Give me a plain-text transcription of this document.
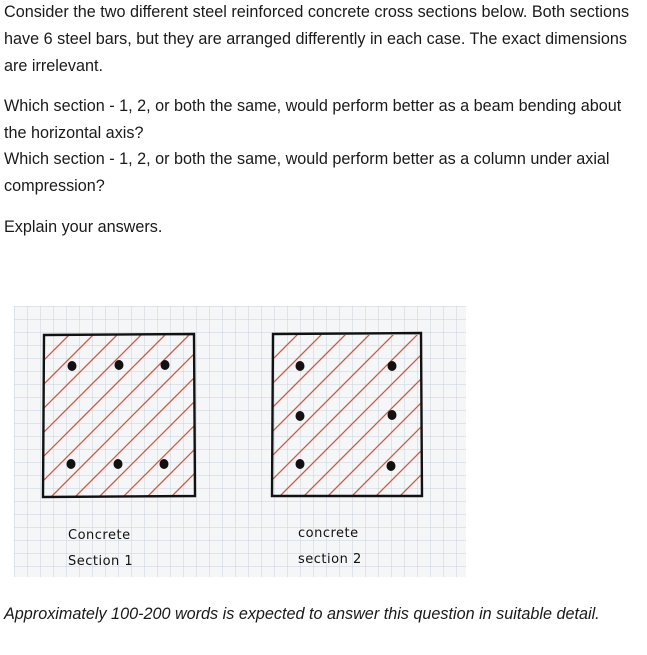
Consider the two different steel reinforced concrete cross sections below. Both sections have 6 steel bars, but they are arranged differently in each case. The exact dimensions are irrelevant.

Which section - 1, 2, or both the same, would perform better as a beam bending about the horizontal axis?

Which section - 1, 2, or both the same, would perform better as a column under axial compression?

Explain your answers.

Concrete
Section 1
concrete
section 2

Approximately 100-200 words is expected to answer this question in suitable detail.
